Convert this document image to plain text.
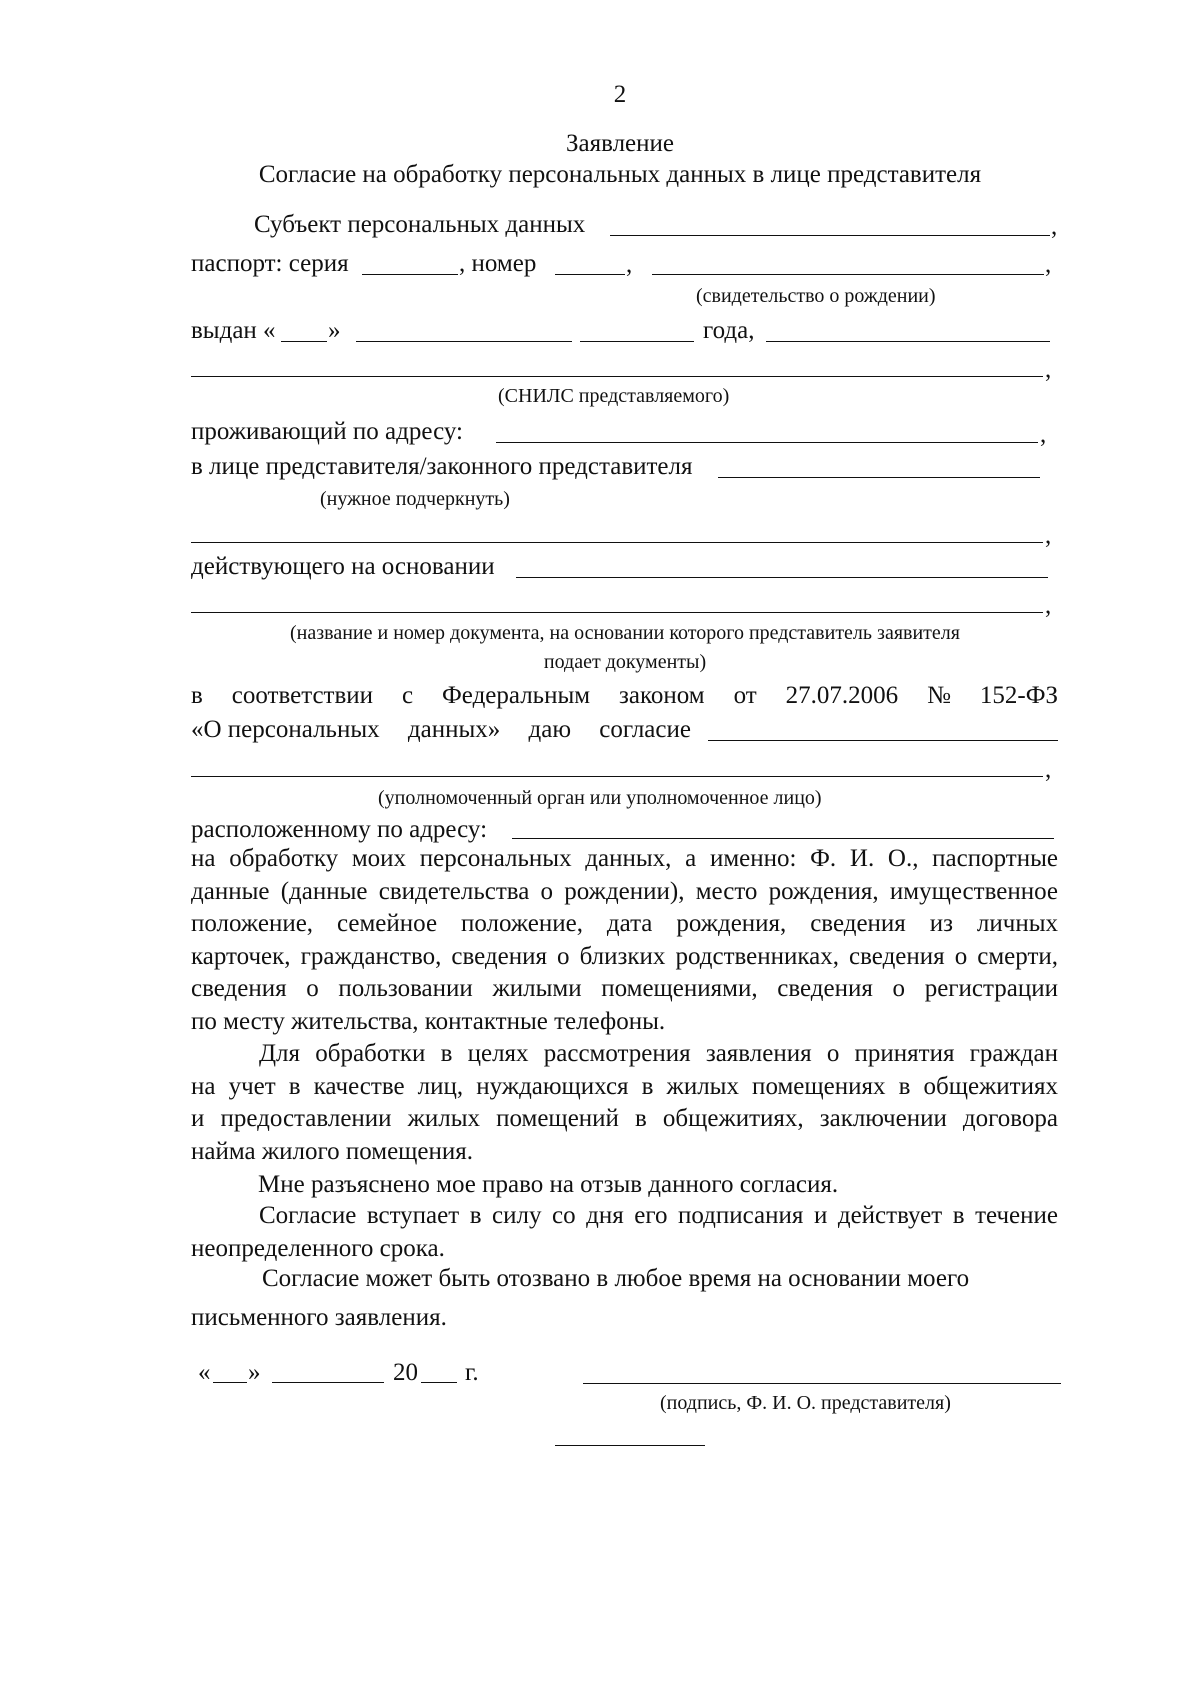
2
Заявление
Согласие на обработку персональных данных в лице представителя
Субъект персональных данных	,
паспорт: серия	, номер	,	,
(свидетельство о рождении)
выдан « »	года,
,
(СНИЛС представляемого)
проживающий по адресу:	,
в лице представителя/законного представителя
(нужное подчеркнуть)
,
действующего на основании
,
(название и номер документа, на основании которого представитель заявителя
подает документы)
в соответствии с Федеральным законом от 27.07.2006 № 152-ФЗ
«О персональных данных» даю согласие
,
(уполномоченный орган или уполномоченное лицо)
расположенному по адресу:
на обработку моих персональных данных, а именно: Ф. И. О., паспортные
данные (данные свидетельства о рождении), место рождения, имущественное
положение, семейное положение, дата рождения, сведения из личных
карточек, гражданство, сведения о близких родственниках, сведения о смерти,
сведения о пользовании жилыми помещениями, сведения о регистрации
по месту жительства, контактные телефоны.
Для обработки в целях рассмотрения заявления о принятия граждан
на учет в качестве лиц, нуждающихся в жилых помещениях в общежитиях
и предоставлении жилых помещений в общежитиях, заключении договора
найма жилого помещения.
Мне разъяснено мое право на отзыв данного согласия.
Согласие вступает в силу со дня его подписания и действует в течение
неопределенного срока.
Согласие может быть отозвано в любое время на основании моего
письменного заявления.
« »	20 г.
(подпись, Ф. И. О. представителя)
